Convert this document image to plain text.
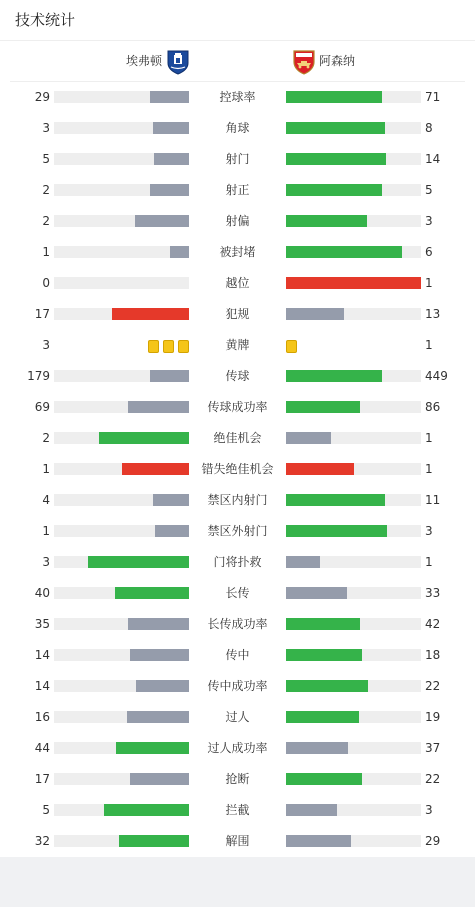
技术统计
埃弗顿	阿森纳
29	控球率	71
3	角球	8
5	射门	14
2	射正	5
2	射偏	3
1	被封堵	6
0	越位	1
17	犯规	13
3	黄牌	1
179	传球	449
69	传球成功率	86
2	绝佳机会	1
1	错失绝佳机会	1
4	禁区内射门	11
1	禁区外射门	3
3	门将扑救	1
40	长传	33
35	长传成功率	42
14	传中	18
14	传中成功率	22
16	过人	19
44	过人成功率	37
17	抢断	22
5	拦截	3
32	解围	29
